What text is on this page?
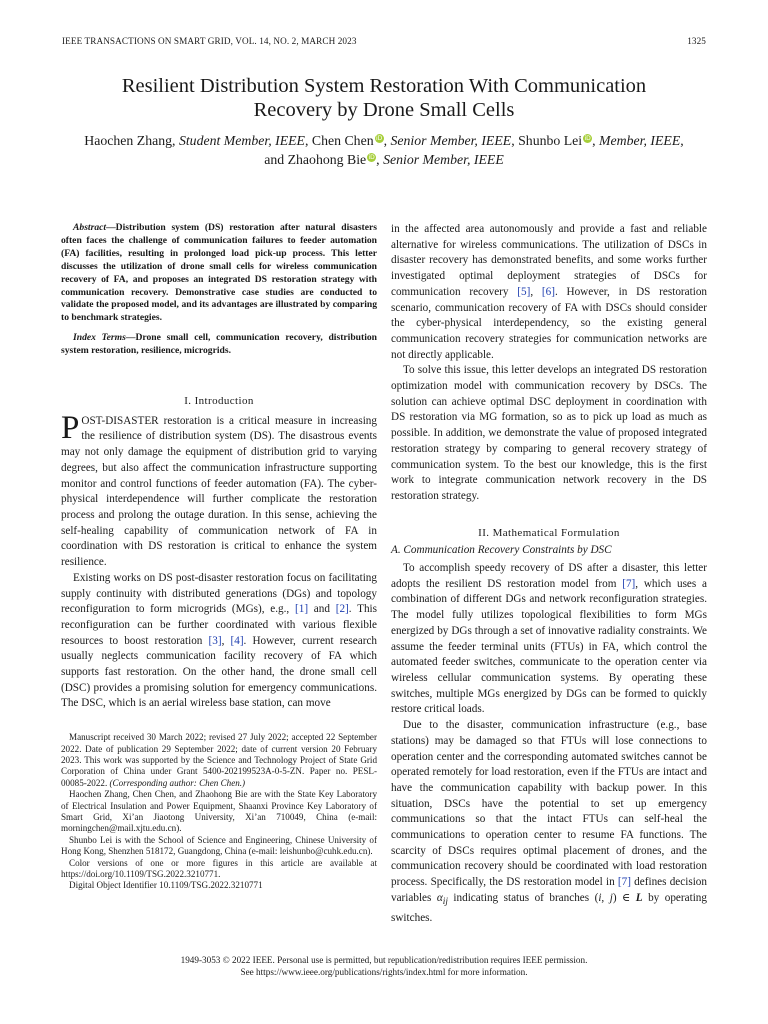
IEEE TRANSACTIONS ON SMART GRID, VOL. 14, NO. 2, MARCH 2023	1325
Resilient Distribution System Restoration With Communication
Recovery by Drone Small Cells
Haochen Zhang, Student Member, IEEE, Chen Chen iD, Senior Member, IEEE, Shunbo Lei iD, Member, IEEE,
and Zhaohong Bie iD, Senior Member, IEEE

Abstract—Distribution system (DS) restoration after natural disasters often faces the challenge of communication failures to feeder automation (FA) facilities, resulting in prolonged load pick-up process. This letter discusses the utilization of drone small cells for wireless communication recovery of FA, and proposes an integrated DS restoration strategy with communication recovery. Demonstrative case studies are conducted to validate the proposed model, and its advantages are illustrated by comparing to benchmark strategies.

Index Terms—Drone small cell, communication recovery, distribution system restoration, resilience, microgrids.

I. Introduction

POST-DISASTER restoration is a critical measure in increasing the resilience of distribution system (DS). The disastrous events may not only damage the equipment of distribution grid to varying degrees, but also affect the communication infrastructure supporting monitor and control functions of feeder automation (FA). The cyber-physical interdependence will further complicate the restoration process and prolong the outage duration. In this sense, achieving the self-healing capability of communication network of FA in coordination with DS restoration is critical to enhance the system resilience.

Existing works on DS post-disaster restoration focus on facilitating supply continuity with distributed generations (DGs) and topology reconfiguration to form microgrids (MGs), e.g., [1] and [2]. This reconfiguration can be further coordinated with various flexible resources to boost restoration [3], [4]. However, current research usually neglects communication facility recovery of FA which supports fast restoration. On the other hand, the drone small cell (DSC) provides a promising solution for emergency communications. The DSC, which is an aerial wireless base station, can move

Manuscript received 30 March 2022; revised 27 July 2022; accepted 22 September 2022. Date of publication 29 September 2022; date of current version 20 February 2023. This work was supported by the Science and Technology Project of State Grid Corporation of China under Grant 5400-202199523A-0-5-ZN. Paper no. PESL-00085-2022. (Corresponding author: Chen Chen.)

Haochen Zhang, Chen Chen, and Zhaohong Bie are with the State Key Laboratory of Electrical Insulation and Power Equipment, Shaanxi Province Key Laboratory of Smart Grid, Xi’an Jiaotong University, Xi’an 710049, China (e-mail: morningchen@mail.xjtu.edu.cn).

Shunbo Lei is with the School of Science and Engineering, Chinese University of Hong Kong, Shenzhen 518172, Guangdong, China (e-mail: leishunbo@cuhk.edu.cn).

Color versions of one or more figures in this article are available at https://doi.org/10.1109/TSG.2022.3210771.

Digital Object Identifier 10.1109/TSG.2022.3210771

in the affected area autonomously and provide a fast and reliable alternative for wireless communications. The utilization of DSCs in disaster recovery has demonstrated benefits, and some works further investigated optimal deployment strategies of DSCs for communication recovery [5], [6]. However, in DS restoration scenario, communication recovery of FA with DSCs should consider the cyber-physical interdependency, so the existing general communication recovery strategies for communication networks are not directly applicable.

To solve this issue, this letter develops an integrated DS restoration optimization model with communication recovery by DSCs. The solution can achieve optimal DSC deployment in coordination with DS restoration via MG formation, so as to pick up load as much as possible. In addition, we demonstrate the value of proposed integrated restoration strategy by comparing to general recovery strategy of communication system. To the best our knowledge, this is the first work to integrate communication network recovery in the DS restoration strategy.

II. Mathematical Formulation

A. Communication Recovery Constraints by DSC

To accomplish speedy recovery of DS after a disaster, this letter adopts the resilient DS restoration model from [7], which uses a combination of different DGs and network reconfiguration strategies. The model fully utilizes topological flexibilities to form MGs energized by DGs through a set of innovative radiality constraints. We assume the feeder terminal units (FTUs) in FA, which control the automated feeder switches, communicate to the operation center via wireless cellular communication systems. By operating these switches, multiple MGs energized by DGs can be formed to quickly restore critical loads.

Due to the disaster, communication infrastructure (e.g., base stations) may be damaged so that FTUs will lose connections to operation center and the corresponding automated switches cannot be operated remotely for load restoration, even if the FTUs are intact and have the communication capability with backup power. In this situation, DSCs have the potential to set up emergency communications so that the intact FTUs can self-heal the communications to operation center to resume FA functions. The scarcity of DSCs requires optimal placement of drones, and the communication recovery should be coordinated with load restoration process. Specifically, the DS restoration model in [7] defines decision variables $\alpha_{ij}$ indicating status of branches (i, j) ∈ L by operating switches.

1949-3053 © 2022 IEEE. Personal use is permitted, but republication/redistribution requires IEEE permission.
See https://www.ieee.org/publications/rights/index.html for more information.
